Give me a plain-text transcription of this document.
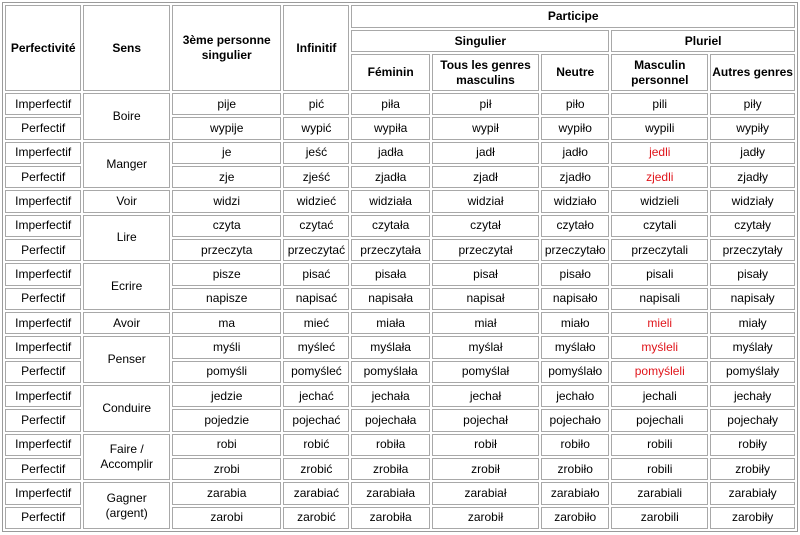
Perfectivité	Sens	3ème personne singulier	Infinitif	Participe				
				Singulier			Pluriel	
				Féminin	Tous les genres masculins	Neutre	Masculin personnel	Autres genres
Imperfectif	Boire	pije	pić	piła	pił	piło	pili	piły
Perfectif		wypije	wypić	wypiła	wypił	wypiło	wypili	wypiły
Imperfectif	Manger	je	jeść	jadła	jadł	jadło	jedli	jadły
Perfectif		zje	zjeść	zjadła	zjadł	zjadło	zjedli	zjadły
Imperfectif	Voir	widzi	widzieć	widziała	widział	widziało	widzieli	widziały
Imperfectif	Lire	czyta	czytać	czytała	czytał	czytało	czytali	czytały
Perfectif		przeczyta	przeczytać	przeczytała	przeczytał	przeczytało	przeczytali	przeczytały
Imperfectif	Ecrire	pisze	pisać	pisała	pisał	pisało	pisali	pisały
Perfectif		napisze	napisać	napisała	napisał	napisało	napisali	napisały
Imperfectif	Avoir	ma	mieć	miała	miał	miało	mieli	miały
Imperfectif	Penser	myśli	myśleć	myślała	myślał	myślało	myśleli	myślały
Perfectif		pomyśli	pomyśleć	pomyślała	pomyślał	pomyślało	pomyśleli	pomyślały
Imperfectif	Conduire	jedzie	jechać	jechała	jechał	jechało	jechali	jechały
Perfectif		pojedzie	pojechać	pojechała	pojechał	pojechało	pojechali	pojechały
Imperfectif	Faire / Accomplir	robi	robić	robiła	robił	robiło	robili	robiły
Perfectif		zrobi	zrobić	zrobiła	zrobił	zrobiło	robili	zrobiły
Imperfectif	Gagner (argent)	zarabia	zarabiać	zarabiała	zarabiał	zarabiało	zarabiali	zarabiały
Perfectif		zarobi	zarobić	zarobiła	zarobił	zarobiło	zarobili	zarobiły
